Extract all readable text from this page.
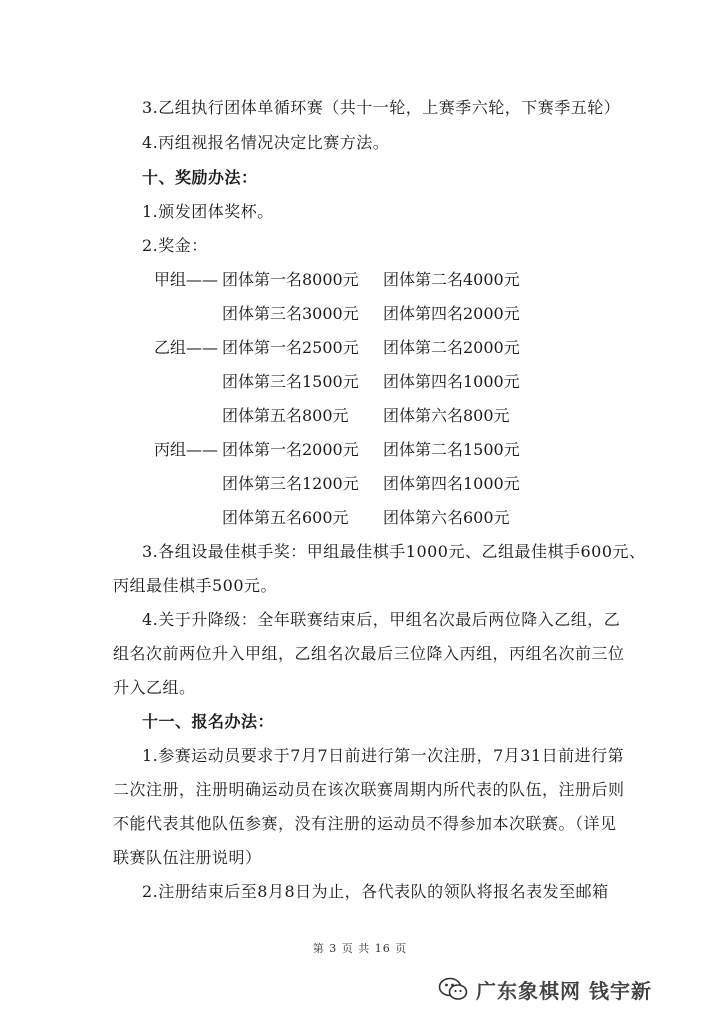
3.乙组执行团体单循环赛（共十一轮，上赛季六轮，下赛季五轮）
4.丙组视报名情况决定比赛方法。
十、奖励办法：
1.颁发团体奖杯。
2.奖金：
甲组—— 团体第一名8000元 团体第二名4000元
团体第三名3000元 团体第四名2000元
乙组—— 团体第一名2500元 团体第二名2000元
团体第三名1500元 团体第四名1000元
团体第五名800元 团体第六名800元
丙组—— 团体第一名2000元 团体第二名1500元
团体第三名1200元 团体第四名1000元
团体第五名600元 团体第六名600元
3.各组设最佳棋手奖：甲组最佳棋手1000元、乙组最佳棋手600元、
丙组最佳棋手500元。
4.关于升降级：全年联赛结束后，甲组名次最后两位降入乙组，乙
组名次前两位升入甲组，乙组名次最后三位降入丙组，丙组名次前三位
升入乙组。
十一、报名办法：
1.参赛运动员要求于7月7日前进行第一次注册，7月31日前进行第
二次注册，注册明确运动员在该次联赛周期内所代表的队伍，注册后则
不能代表其他队伍参赛，没有注册的运动员不得参加本次联赛。（详见
联赛队伍注册说明）
2.注册结束后至8月8日为止，各代表队的领队将报名表发至邮箱
第 3 页 共 16 页
广东象棋网 钱宇新
